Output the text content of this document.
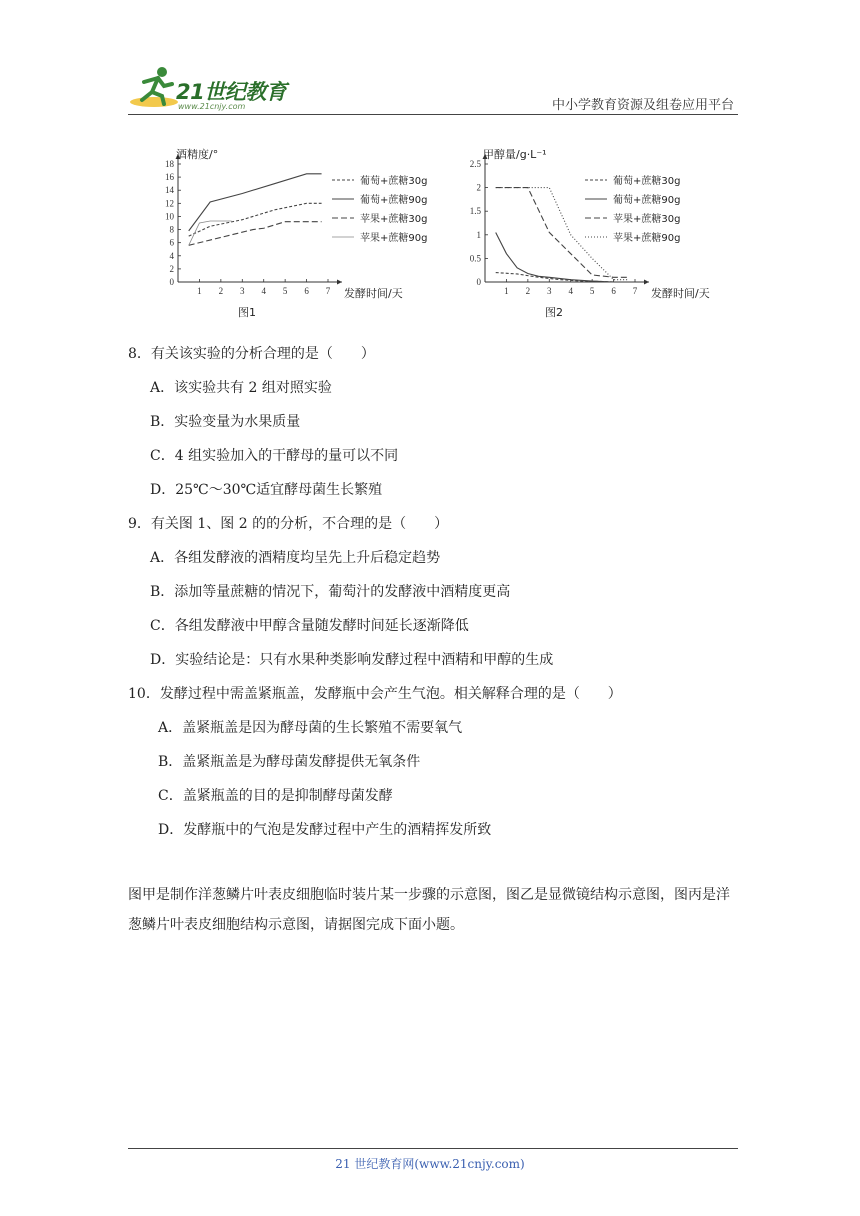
21世纪教育
www.21cnjy.com	中小学教育资源及组卷应用平台
0
2
4
6
8
10
12
14
16
18
1 2 3 4 5 6 7
酒精度/°
发酵时间/天
图1
葡萄+蔗糖30g
葡萄+蔗糖90g
苹果+蔗糖30g
苹果+蔗糖90g
0
0.5
1
1.5
2
2.5
1 2 3 4 5 6 7
甲醇量/g·L⁻¹
发酵时间/天
图2
葡萄+蔗糖30g
葡萄+蔗糖90g
苹果+蔗糖30g
苹果+蔗糖90g
8．有关该实验的分析合理的是（　　）
A．该实验共有 2 组对照实验
B．实验变量为水果质量
C．4 组实验加入的干酵母的量可以不同
D．25℃～30℃适宜酵母菌生长繁殖
9．有关图 1、图 2 的的分析，不合理的是（　　）
A．各组发酵液的酒精度均呈先上升后稳定趋势
B．添加等量蔗糖的情况下，葡萄汁的发酵液中酒精度更高
C．各组发酵液中甲醇含量随发酵时间延长逐渐降低
D．实验结论是：只有水果种类影响发酵过程中酒精和甲醇的生成
10．发酵过程中需盖紧瓶盖，发酵瓶中会产生气泡。相关解释合理的是（　　）
A．盖紧瓶盖是因为酵母菌的生长繁殖不需要氧气
B．盖紧瓶盖是为酵母菌发酵提供无氧条件
C．盖紧瓶盖的目的是抑制酵母菌发酵
D．发酵瓶中的气泡是发酵过程中产生的酒精挥发所致
图甲是制作洋葱鳞片叶表皮细胞临时装片某一步骤的示意图，图乙是显微镜结构示意图，图丙是洋葱鳞片叶表皮细胞结构示意图，请据图完成下面小题。
21 世纪教育网(www.21cnjy.com)
